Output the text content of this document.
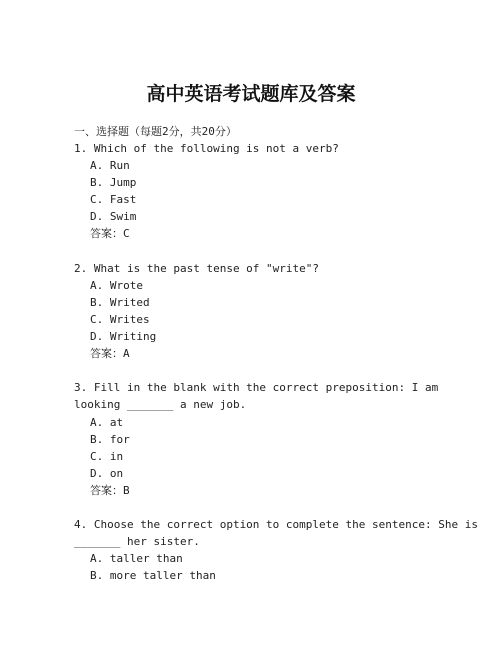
高中英语考试题库及答案
一、选择题（每题2分，共20分）
1. Which of the following is not a verb?
A. Run
B. Jump
C. Fast
D. Swim
答案：C
2. What is the past tense of "write"?
A. Wrote
B. Writed
C. Writes
D. Writing
答案：A
3. Fill in the blank with the correct preposition: I am
looking _______ a new job.
A. at
B. for
C. in
D. on
答案：B
4. Choose the correct option to complete the sentence: She is
_______ her sister.
A. taller than
B. more taller than
